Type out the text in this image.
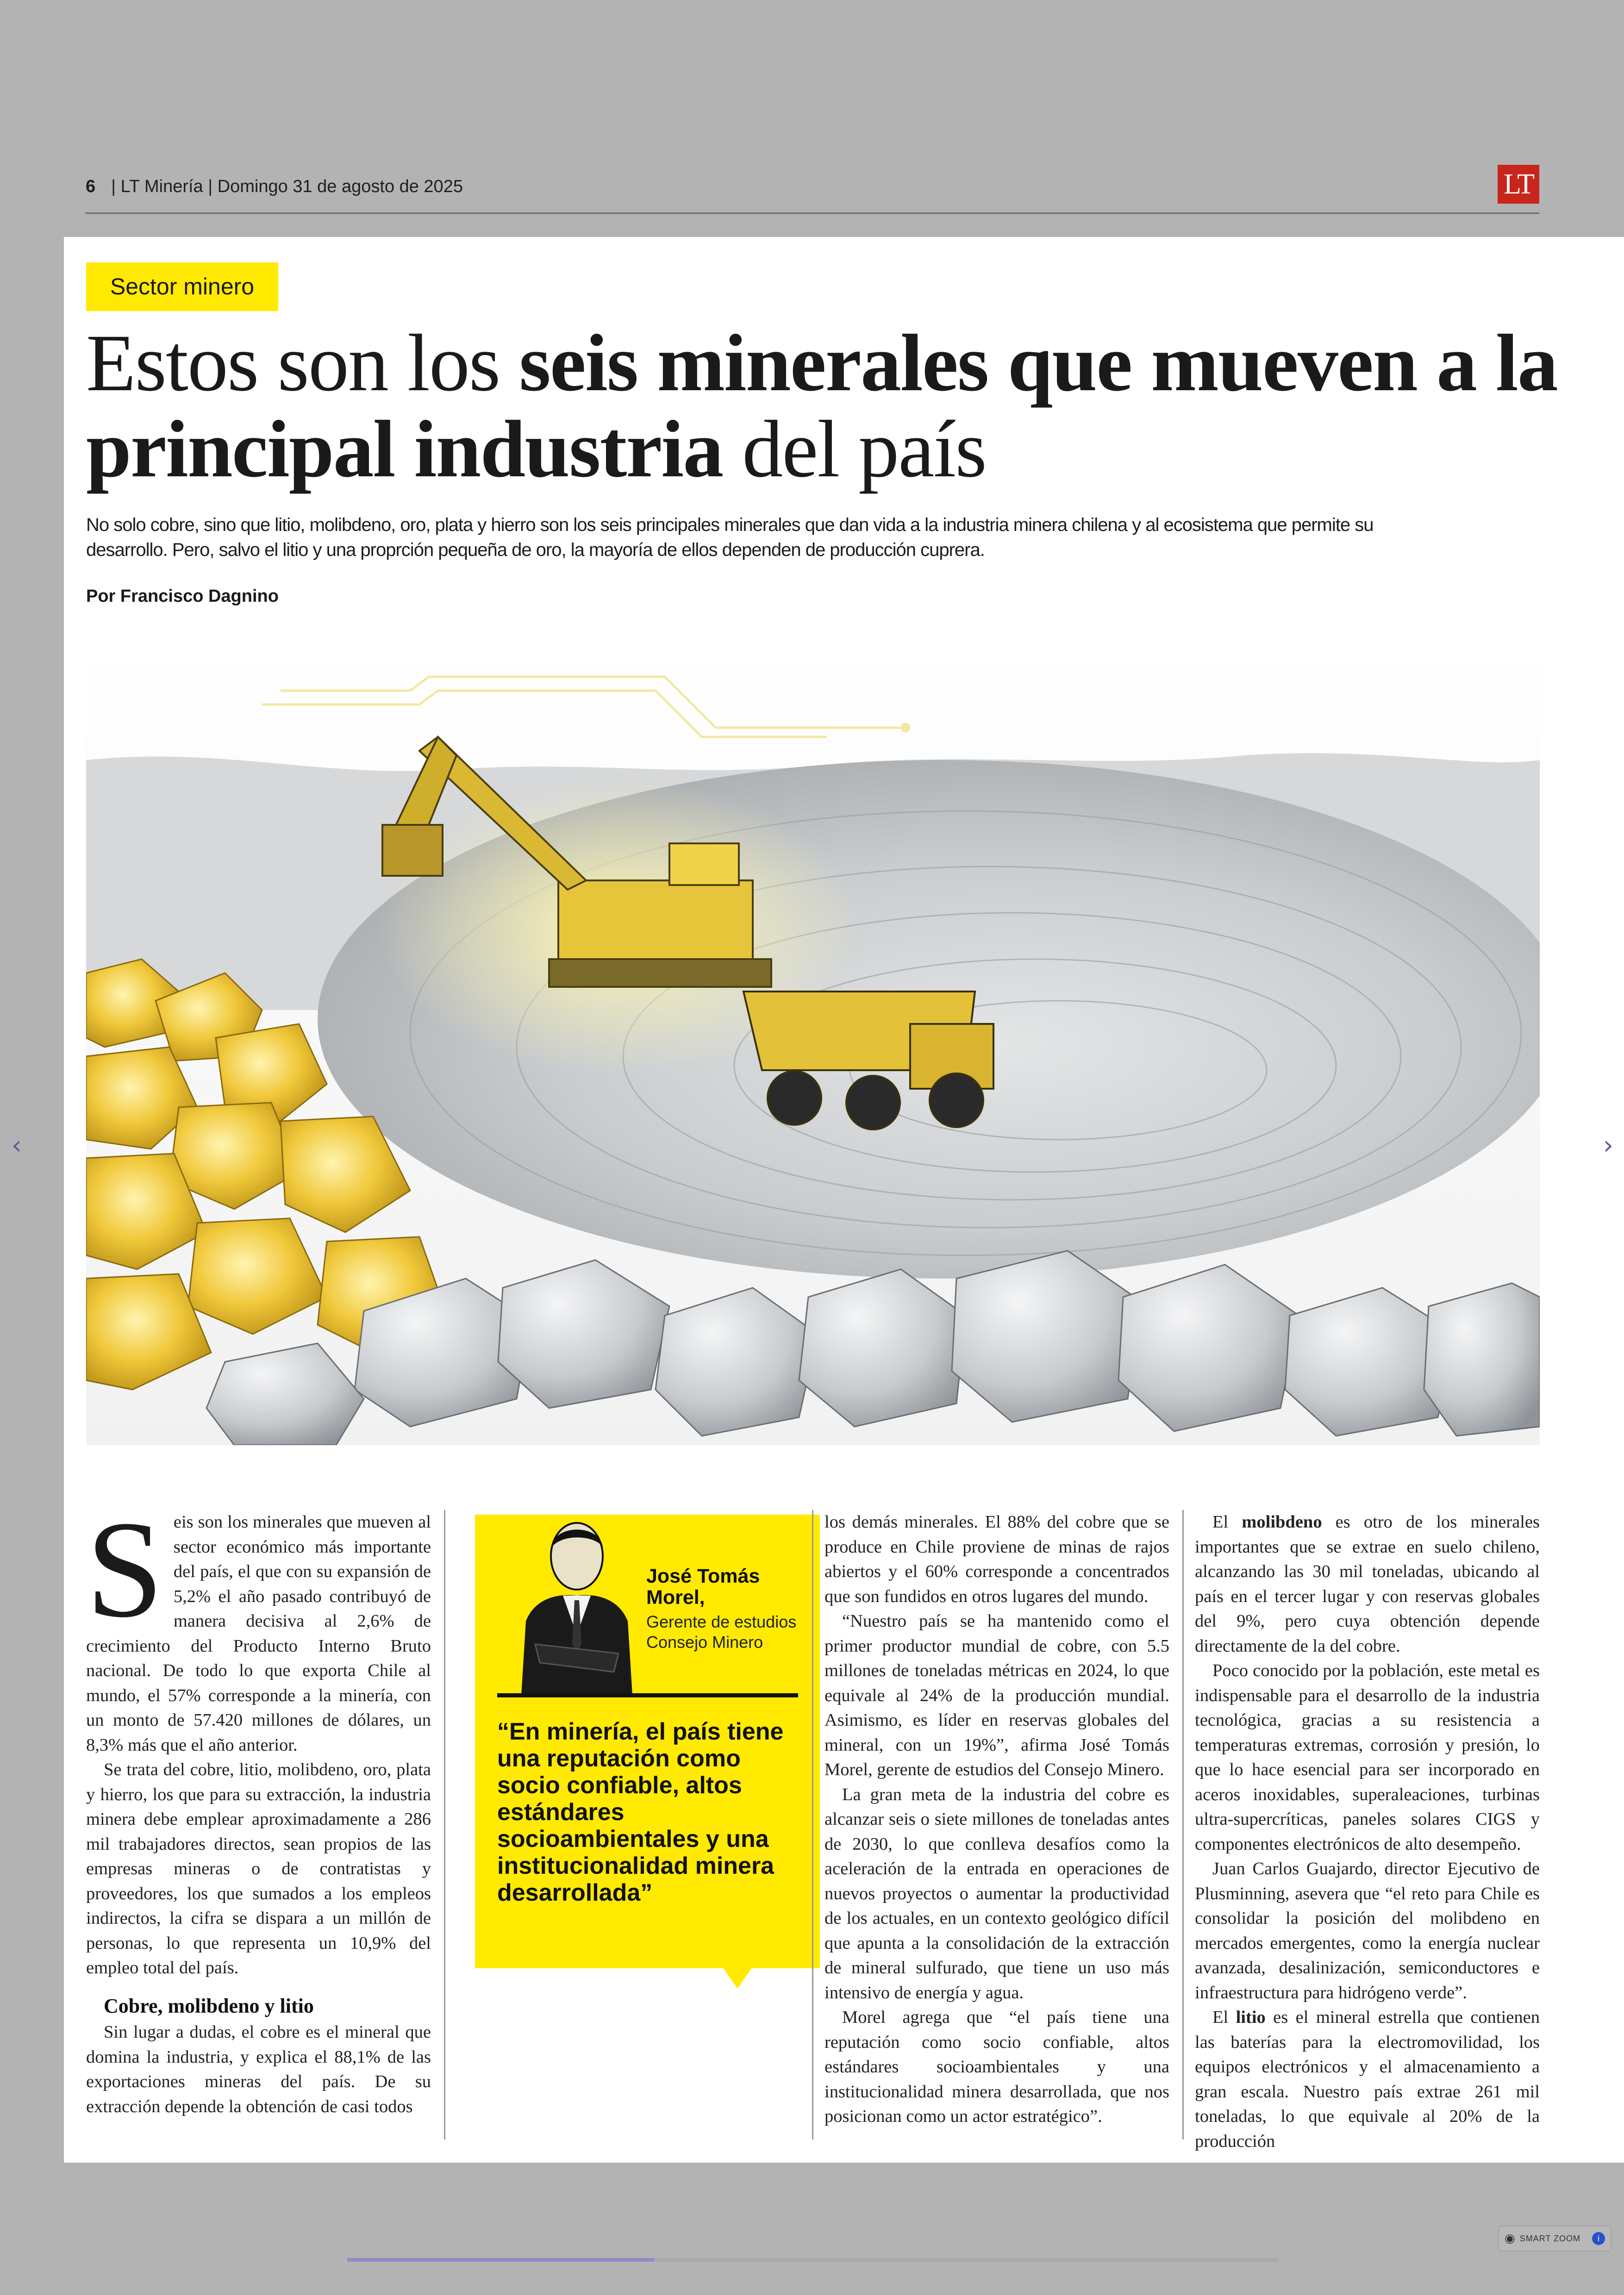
6 | LT Minería | Domingo 31 de agosto de 2025	LT
Sector minero
Estos son los seis minerales que mueven a la principal industria del país

No solo cobre, sino que litio, molibdeno, oro, plata y hierro son los seis principales minerales que dan vida a la industria minera chilena y al ecosistema que permite su desarrollo. Pero, salvo el litio y una proprción pequeña de oro, la mayoría de ellos dependen de producción cuprera.

Por Francisco Dagnino

Seis son los minerales que mueven al sector económico más importante del país, el que con su expansión de 5,2% el año pasado contribuyó de manera decisiva al 2,6% de crecimiento del Producto Interno Bruto nacional. De todo lo que exporta Chile al mundo, el 57% corresponde a la minería, con un monto de 57.420 millones de dólares, un 8,3% más que el año anterior.

Se trata del cobre, litio, molibdeno, oro, plata y hierro, los que para su extracción, la industria minera debe emplear aproximadamente a 286 mil trabajadores directos, sean propios de las empresas mineras o de contratistas y proveedores, los que sumados a los empleos indirectos, la cifra se dispara a un millón de personas, lo que representa un 10,9% del empleo total del país.

Cobre, molibdeno y litio

Sin lugar a dudas, el cobre es el mineral que domina la industria, y explica el 88,1% de las exportaciones mineras del país. De su extracción depende la obtención de casi todos

José Tomás Morel,
Gerente de estudios Consejo Minero
“En minería, el país tiene una reputación como socio confiable, altos estándares socioambientales y una institucionalidad minera desarrollada”

los demás minerales. El 88% del cobre que se produce en Chile proviene de minas de rajos abiertos y el 60% corresponde a concentrados que son fundidos en otros lugares del mundo.

“Nuestro país se ha mantenido como el primer productor mundial de cobre, con 5.5 millones de toneladas métricas en 2024, lo que equivale al 24% de la producción mundial. Asimismo, es líder en reservas globales del mineral, con un 19%”, afirma José Tomás Morel, gerente de estudios del Consejo Minero.

La gran meta de la industria del cobre es alcanzar seis o siete millones de toneladas antes de 2030, lo que conlleva desafíos como la aceleración de la entrada en operaciones de nuevos proyectos o aumentar la productividad de los actuales, en un contexto geológico difícil que apunta a la consolidación de la extracción de mineral sulfurado, que tiene un uso más intensivo de energía y agua.

Morel agrega que “el país tiene una reputación como socio confiable, altos estándares socioambientales y una institucionalidad minera desarrollada, que nos posicionan como un actor estratégico”.

El molibdeno es otro de los minerales importantes que se extrae en suelo chileno, alcanzando las 30 mil toneladas, ubicando al país en el tercer lugar y con reservas globales del 9%, pero cuya obtención depende directamente de la del cobre.

Poco conocido por la población, este metal es indispensable para el desarrollo de la industria tecnológica, gracias a su resistencia a temperaturas extremas, corrosión y presión, lo que lo hace esencial para ser incorporado en aceros inoxidables, superaleaciones, turbinas ultra-supercríticas, paneles solares CIGS y componentes electrónicos de alto desempeño.

Juan Carlos Guajardo, director Ejecutivo de Plusminning, asevera que “el reto para Chile es consolidar la posición del molibdeno en mercados emergentes, como la energía nuclear avanzada, desalinización, semiconductores e infraestructura para hidrógeno verde”.

El litio es el mineral estrella que contienen las baterías para la electromovilidad, los equipos electrónicos y el almacenamiento a gran escala. Nuestro país extrae 261 mil toneladas, lo que equivale al 20% de la producción

‹	›
◉ SMART ZOOM	i
